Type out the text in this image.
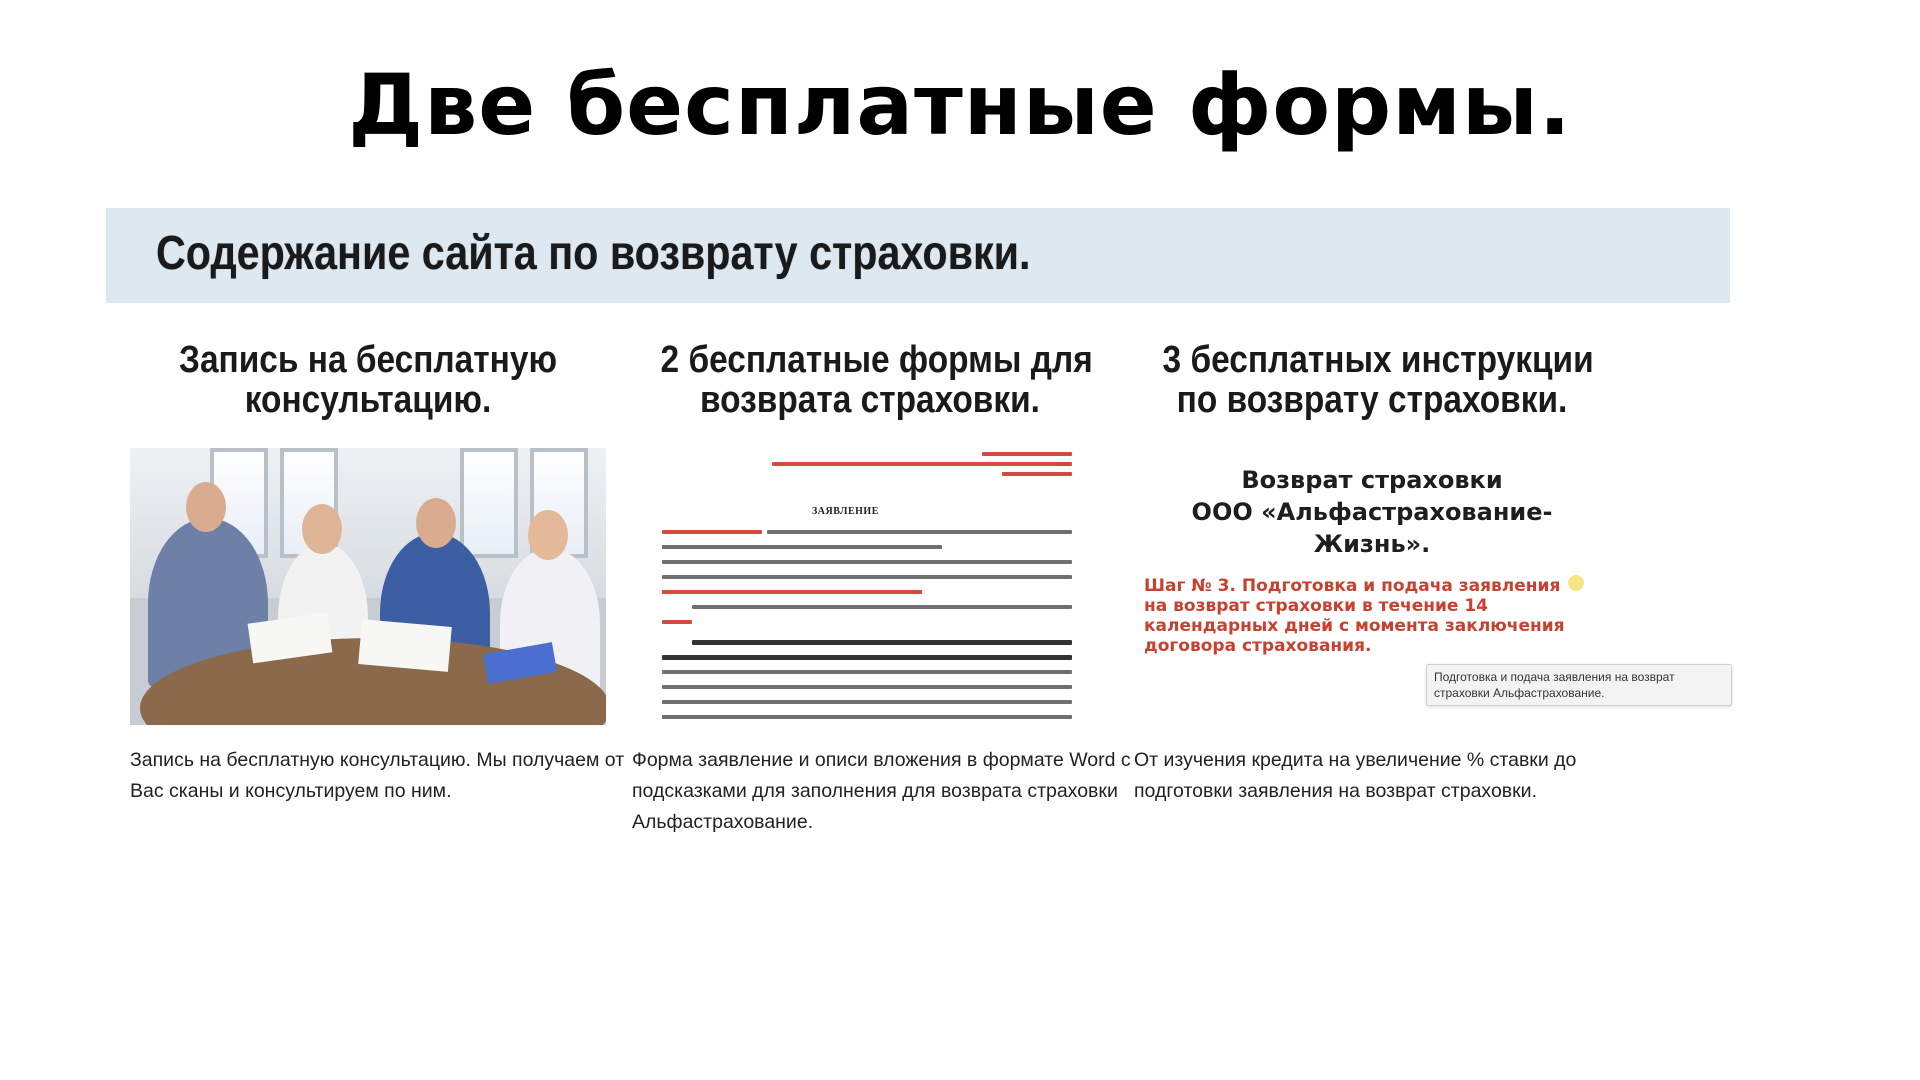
Две бесплатные формы.
Содержание сайта по возврату страховки.
Запись на бесплатную
консультацию.

Запись на бесплатную консультацию. Мы получаем от Вас сканы и консультируем по ним.

2 бесплатные формы для
возврата страховки.
ЗАЯВЛЕНИЕ

Форма заявление и описи вложения в формате Word с подсказками для заполнения для возврата страховки Альфастрахование.

3 бесплатных инструкции
по возврату страховки.
Возврат страховки
ООО «Альфастрахование-
Жизнь».

Шаг № 3. Подготовка и подача заявления на возврат страховки в течение 14 календарных дней с момента заключения договора страхования.

От изучения кредита на увеличение % ставки до подготовки заявления на возврат страховки.

Подготовка и подача заявления на возврат страховки Альфастрахование.
